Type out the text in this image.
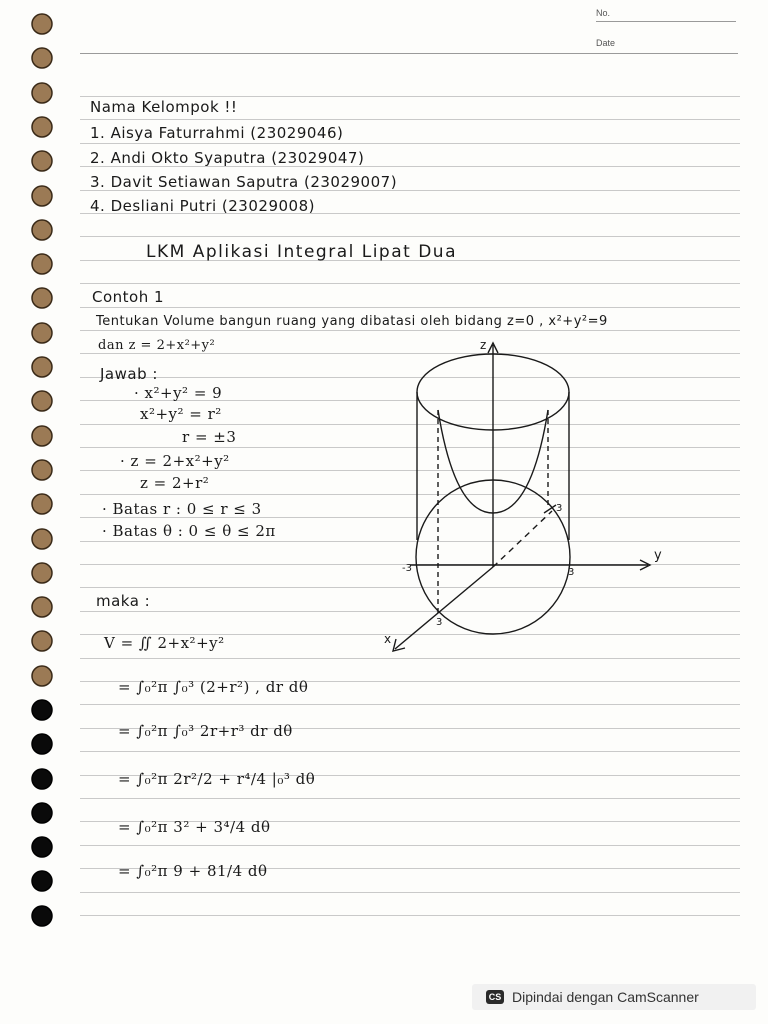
No.
Date
Nama Kelompok !!
1. Aisya Faturrahmi (23029046)
2. Andi Okto Syaputra (23029047)
3. Davit Setiawan Saputra (23029007)
4. Desliani Putri (23029008)
LKM Aplikasi Integral Lipat Dua
Contoh 1
Tentukan Volume bangun ruang yang dibatasi oleh bidang z=0 , x²+y²=9
dan z = 2+x²+y²
Jawab :
· x²+y² = 9
x²+y² = r²
r = ±3
· z = 2+x²+y²
z = 2+r²
· Batas r : 0 ≤ r ≤ 3
· Batas θ : 0 ≤ θ ≤ 2π
z
y
x
-3	3
3
3
maka :
V = ∬ 2+x²+y²
= ∫₀²π ∫₀³ (2+r²) , dr dθ
= ∫₀²π ∫₀³ 2r+r³ dr dθ
= ∫₀²π 2r²/2 + r⁴/4 |₀³ dθ
= ∫₀²π 3² + 3⁴/4 dθ
= ∫₀²π 9 + 81/4 dθ
CS Dipindai dengan CamScanner
